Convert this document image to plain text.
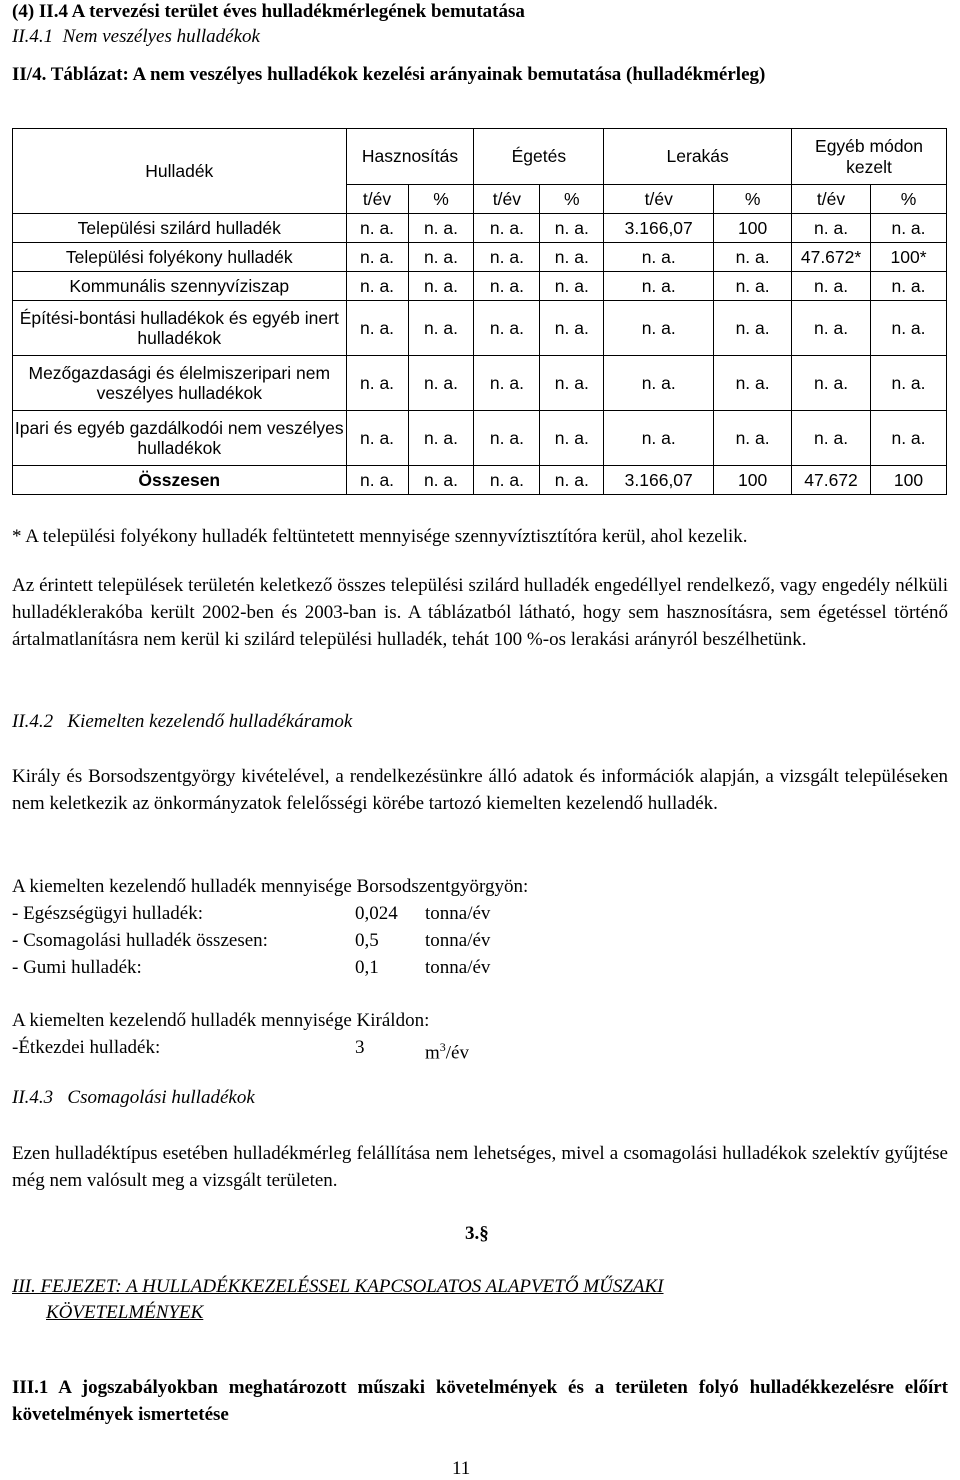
(4) II.4 A tervezési terület éves hulladékmérlegének bemutatása
II.4.1 Nem veszélyes hulladékok
II/4. Táblázat: A nem veszélyes hulladékok kezelési arányainak bemutatása (hulladékmérleg)
Hulladék	Hasznosítás		Égetés		Lerakás		Egyéb módon kezelt	
	t/év	%	t/év	%	t/év	%	t/év	%
Települési szilárd hulladék	n. a.	n. a.	n. a.	n. a.	3.166,07	100	n. a.	n. a.
Települési folyékony hulladék	n. a.	n. a.	n. a.	n. a.	n. a.	n. a.	47.672*	100*
Kommunális szennyvíziszap	n. a.	n. a.	n. a.	n. a.	n. a.	n. a.	n. a.	n. a.
Építési-bontási hulladékok és egyéb inert hulladékok	n. a.	n. a.	n. a.	n. a.	n. a.	n. a.	n. a.	n. a.
Mezőgazdasági és élelmiszeripari nem veszélyes hulladékok	n. a.	n. a.	n. a.	n. a.	n. a.	n. a.	n. a.	n. a.
Ipari és egyéb gazdálkodói nem veszélyes hulladékok	n. a.	n. a.	n. a.	n. a.	n. a.	n. a.	n. a.	n. a.
Összesen	n. a.	n. a.	n. a.	n. a.	3.166,07	100	47.672	100
* A települési folyékony hulladék feltüntetett mennyisége szennyvíztisztítóra kerül, ahol kezelik.

Az érintett települések területén keletkező összes települési szilárd hulladék engedéllyel rendelkező, vagy engedély nélküli hulladéklerakóba került 2002-ben és 2003-ban is. A táblázatból látható, hogy sem hasznosításra, sem égetéssel történő ártalmatlanításra nem kerül ki szilárd települési hulladék, tehát 100 %-os lerakási arányról beszélhetünk.

II.4.2 Kiemelten kezelendő hulladékáramok

Király és Borsodszentgyörgy kivételével, a rendelkezésünkre álló adatok és információk alapján, a vizsgált településeken nem keletkezik az önkormányzatok felelősségi körébe tartozó kiemelten kezelendő hulladék.

A kiemelten kezelendő hulladék mennyisége Borsodszentgyörgyön:
- Egészségügyi hulladék:	0,024 tonna/év
- Csomagolási hulladék összesen:	0,5 tonna/év
- Gumi hulladék:	0,1 tonna/év
A kiemelten kezelendő hulladék mennyisége Királdon:
-Étkezdei hulladék:	3	$m^3/év$
II.4.3 Csomagolási hulladékok

Ezen hulladéktípus esetében hulladékmérleg felállítása nem lehetséges, mivel a csomagolási hulladékok szelektív gyűjtése még nem valósult meg a vizsgált területen.

3.§
III. FEJEZET: A HULLADÉKKEZELÉSSEL KAPCSOLATOS ALAPVETŐ MŰSZAKI
KÖVETELMÉNYEK

III.1 A jogszabályokban meghatározott műszaki követelmények és a területen folyó hulladékkezelésre előírt követelmények ismertetése

11
